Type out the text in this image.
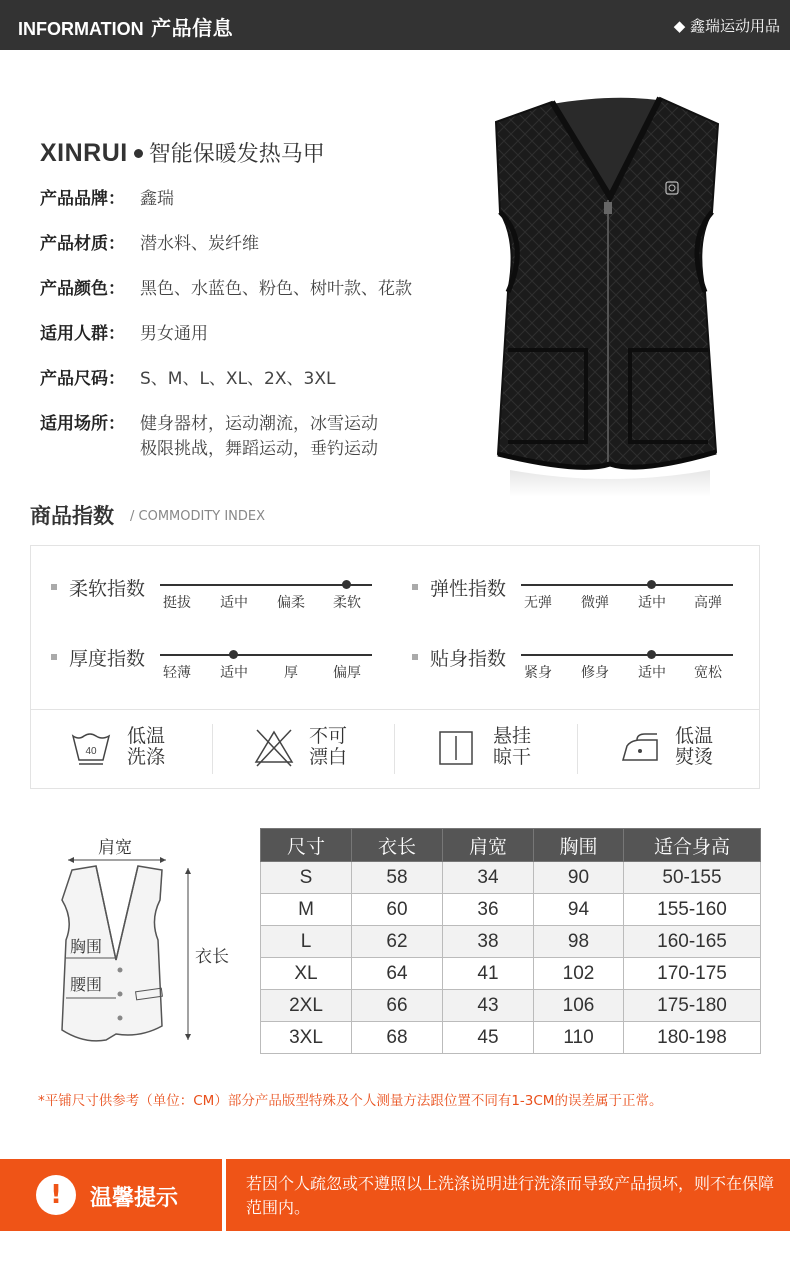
INFORMATION 产品信息	◆ 鑫瑞运动用品
XINRUI 智能保暖发热马甲
产品品牌： 鑫瑞
产品材质： 潜水料、炭纤维
产品颜色： 黑色、水蓝色、粉色、树叶款、花款
适用人群： 男女通用
产品尺码： S、M、L、XL、2X、3XL
适用场所： 健身器材，运动潮流，冰雪运动
极限挑战，舞蹈运动，垂钓运动
商品指数 / COMMODITY INDEX
柔软指数
挺拔	适中	偏柔	柔软
弹性指数
无弹	微弹	适中	高弹
厚度指数
轻薄	适中	厚	偏厚
贴身指数
紧身	修身	适中	宽松
40
低温
洗涤
不可
漂白
悬挂
晾干
低温
熨烫
肩宽
胸围
腰围
衣长
尺寸	衣长	肩宽	胸围	适合身高
S	58	34	90	50-155
M	60	36	94	155-160
L	62	38	98	160-165
XL	64	41	102	170-175
2XL	66	43	106	175-180
3XL	68	45	110	180-198
*平铺尺寸供参考（单位：CM）部分产品版型特殊及个人测量方法跟位置不同有1-3CM的误差属于正常。
!	温馨提示
若因个人疏忽或不遵照以上洗涤说明进行洗涤而导致产品损坏，则不在保障范围内。
